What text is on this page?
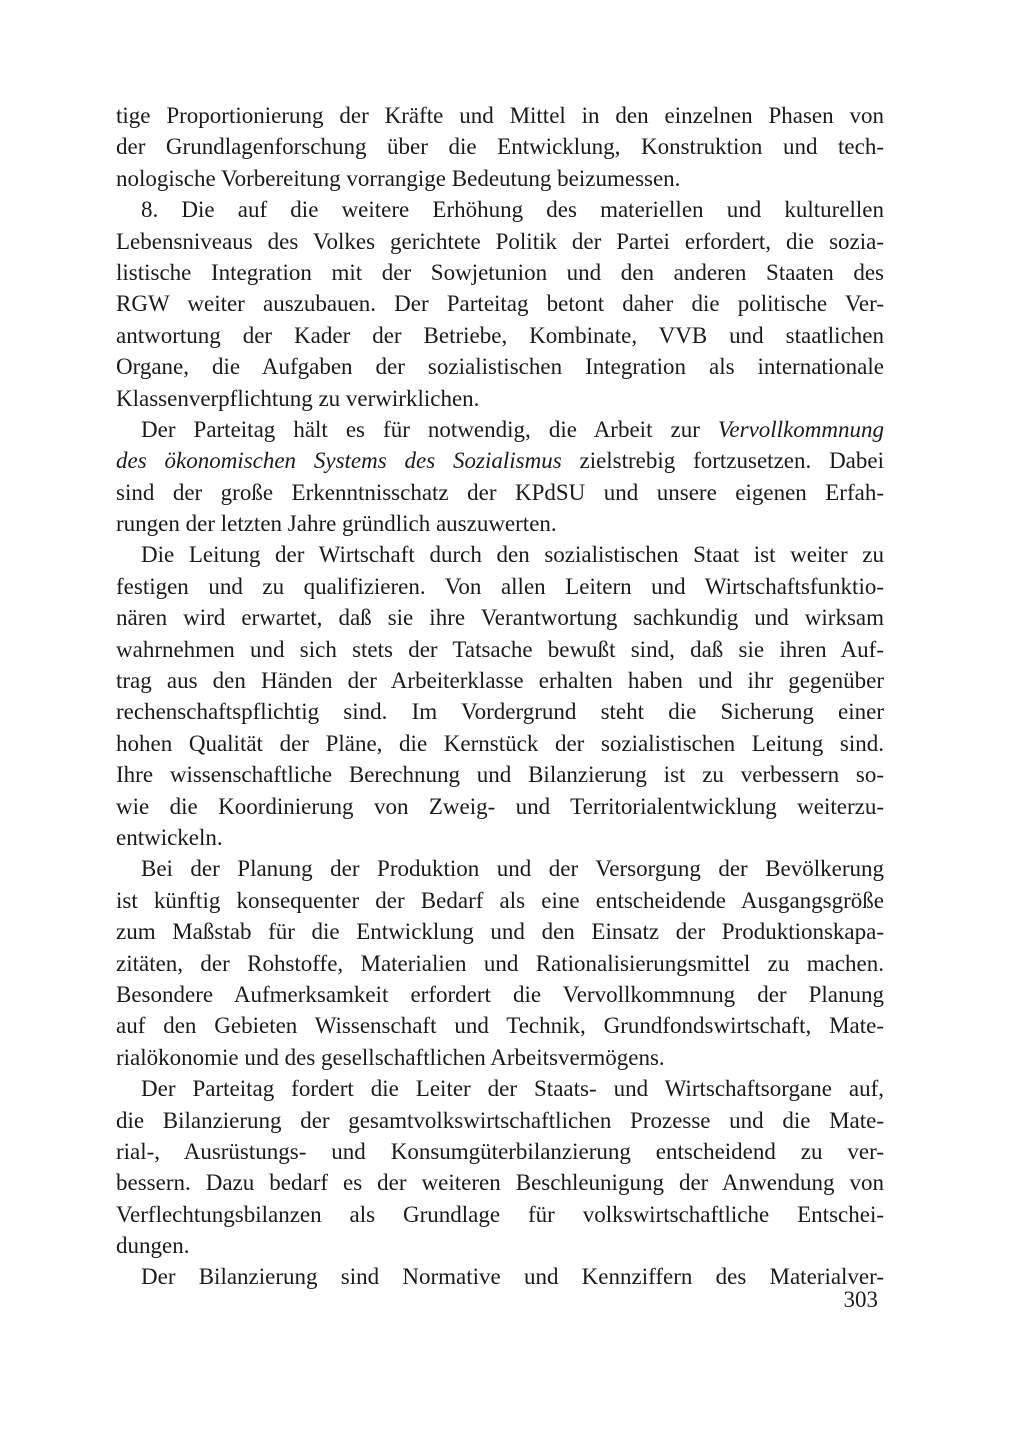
tige Proportionierung der Kräfte und Mittel in den einzelnen Phasen von
der Grundlagenforschung über die Entwicklung, Konstruktion und tech-
nologische Vorbereitung vorrangige Bedeutung beizumessen.
8. Die auf die weitere Erhöhung des materiellen und kulturellen
Lebensniveaus des Volkes gerichtete Politik der Partei erfordert, die sozia-
listische Integration mit der Sowjetunion und den anderen Staaten des
RGW weiter auszubauen. Der Parteitag betont daher die politische Ver-
antwortung der Kader der Betriebe, Kombinate, VVB und staatlichen
Organe, die Aufgaben der sozialistischen Integration als internationale
Klassenverpflichtung zu verwirklichen.
Der Parteitag hält es für notwendig, die Arbeit zur Vervollkommnung
des ökonomischen Systems des Sozialismus zielstrebig fortzusetzen. Dabei
sind der große Erkenntnisschatz der KPdSU und unsere eigenen Erfah-
rungen der letzten Jahre gründlich auszuwerten.
Die Leitung der Wirtschaft durch den sozialistischen Staat ist weiter zu
festigen und zu qualifizieren. Von allen Leitern und Wirtschaftsfunktio-
nären wird erwartet, daß sie ihre Verantwortung sachkundig und wirksam
wahrnehmen und sich stets der Tatsache bewußt sind, daß sie ihren Auf-
trag aus den Händen der Arbeiterklasse erhalten haben und ihr gegenüber
rechenschaftspflichtig sind. Im Vordergrund steht die Sicherung einer
hohen Qualität der Pläne, die Kernstück der sozialistischen Leitung sind.
Ihre wissenschaftliche Berechnung und Bilanzierung ist zu verbessern so-
wie die Koordinierung von Zweig- und Territorialentwicklung weiterzu-
entwickeln.
Bei der Planung der Produktion und der Versorgung der Bevölkerung
ist künftig konsequenter der Bedarf als eine entscheidende Ausgangsgröße
zum Maßstab für die Entwicklung und den Einsatz der Produktionskapa-
zitäten, der Rohstoffe, Materialien und Rationalisierungsmittel zu machen.
Besondere Aufmerksamkeit erfordert die Vervollkommnung der Planung
auf den Gebieten Wissenschaft und Technik, Grundfondswirtschaft, Mate-
rialökonomie und des gesellschaftlichen Arbeitsvermögens.
Der Parteitag fordert die Leiter der Staats- und Wirtschaftsorgane auf,
die Bilanzierung der gesamtvolkswirtschaftlichen Prozesse und die Mate-
rial-, Ausrüstungs- und Konsumgüterbilanzierung entscheidend zu ver-
bessern. Dazu bedarf es der weiteren Beschleunigung der Anwendung von
Verflechtungsbilanzen als Grundlage für volkswirtschaftliche Entschei-
dungen.
Der Bilanzierung sind Normative und Kennziffern des Materialver-
303
